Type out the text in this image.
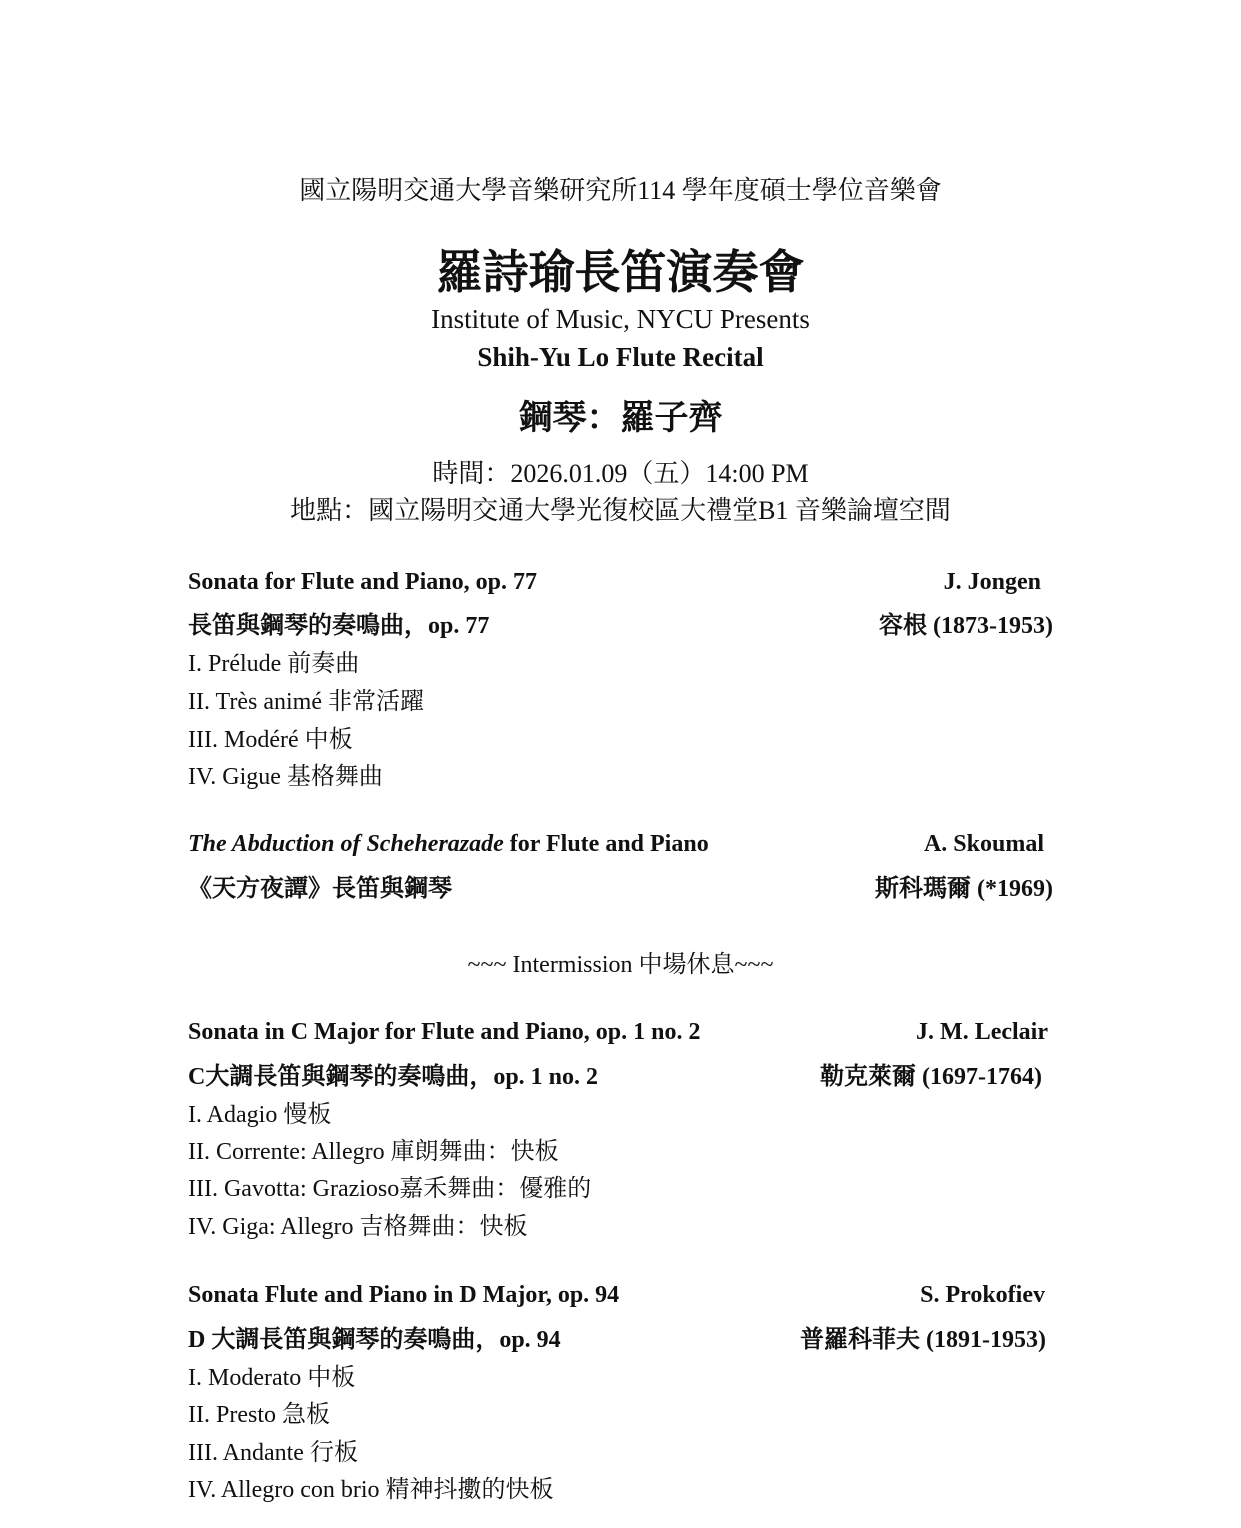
國立陽明交通大學音樂研究所114 學年度碩士學位音樂會
羅詩瑜長笛演奏會
Institute of Music, NYCU Presents
Shih-Yu Lo Flute Recital
鋼琴：羅子齊
時間：2026.01.09（五）14:00 PM
地點：國立陽明交通大學光復校區大禮堂B1 音樂論壇空間
Sonata for Flute and Piano, op. 77	J. Jongen
長笛與鋼琴的奏鳴曲，op. 77	容根 (1873-1953)
I. Prélude 前奏曲
II. Très animé 非常活躍
III. Modéré 中板
IV. Gigue 基格舞曲
The Abduction of Scheherazade for Flute and Piano	A. Skoumal
《天方夜譚》長笛與鋼琴	斯科瑪爾 (*1969)
~~~ Intermission 中場休息~~~
Sonata in C Major for Flute and Piano, op. 1 no. 2	J. M. Leclair
C大調長笛與鋼琴的奏鳴曲，op. 1 no. 2	勒克萊爾 (1697-1764)
I. Adagio 慢板
II. Corrente: Allegro 庫朗舞曲：快板
III. Gavotta: Grazioso嘉禾舞曲：優雅的
IV. Giga: Allegro 吉格舞曲：快板
Sonata Flute and Piano in D Major, op. 94	S. Prokofiev
D 大調長笛與鋼琴的奏鳴曲，op. 94	普羅科菲夫 (1891-1953)
I. Moderato 中板
II. Presto 急板
III. Andante 行板
IV. Allegro con brio 精神抖擻的快板
